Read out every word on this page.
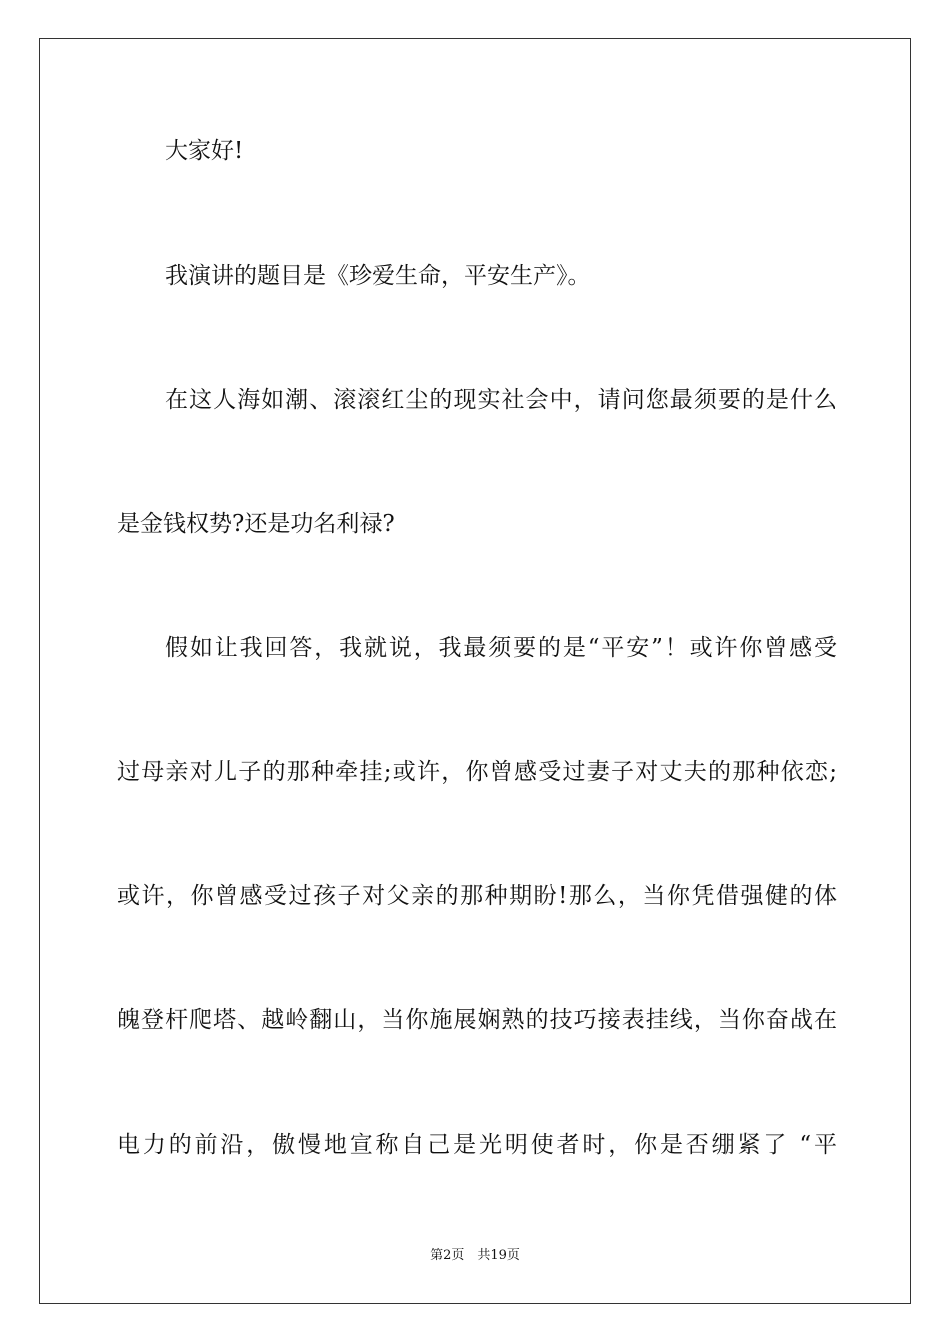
大家好!
我演讲的题目是《珍爱生命，平安生产》。
在这人海如潮、滚滚红尘的现实社会中，请问您最须要的是什么
是金钱权势?还是功名利禄?
假如让我回答，我就说，我最须要的是“平安”！或许你曾感受
过母亲对儿子的那种牵挂;或许，你曾感受过妻子对丈夫的那种依恋;
或许，你曾感受过孩子对父亲的那种期盼!那么，当你凭借强健的体
魄登杆爬塔、越岭翻山，当你施展娴熟的技巧接表挂线，当你奋战在
电力的前沿，傲慢地宣称自己是光明使者时，你是否绷紧了 “平
第2页　共19页
